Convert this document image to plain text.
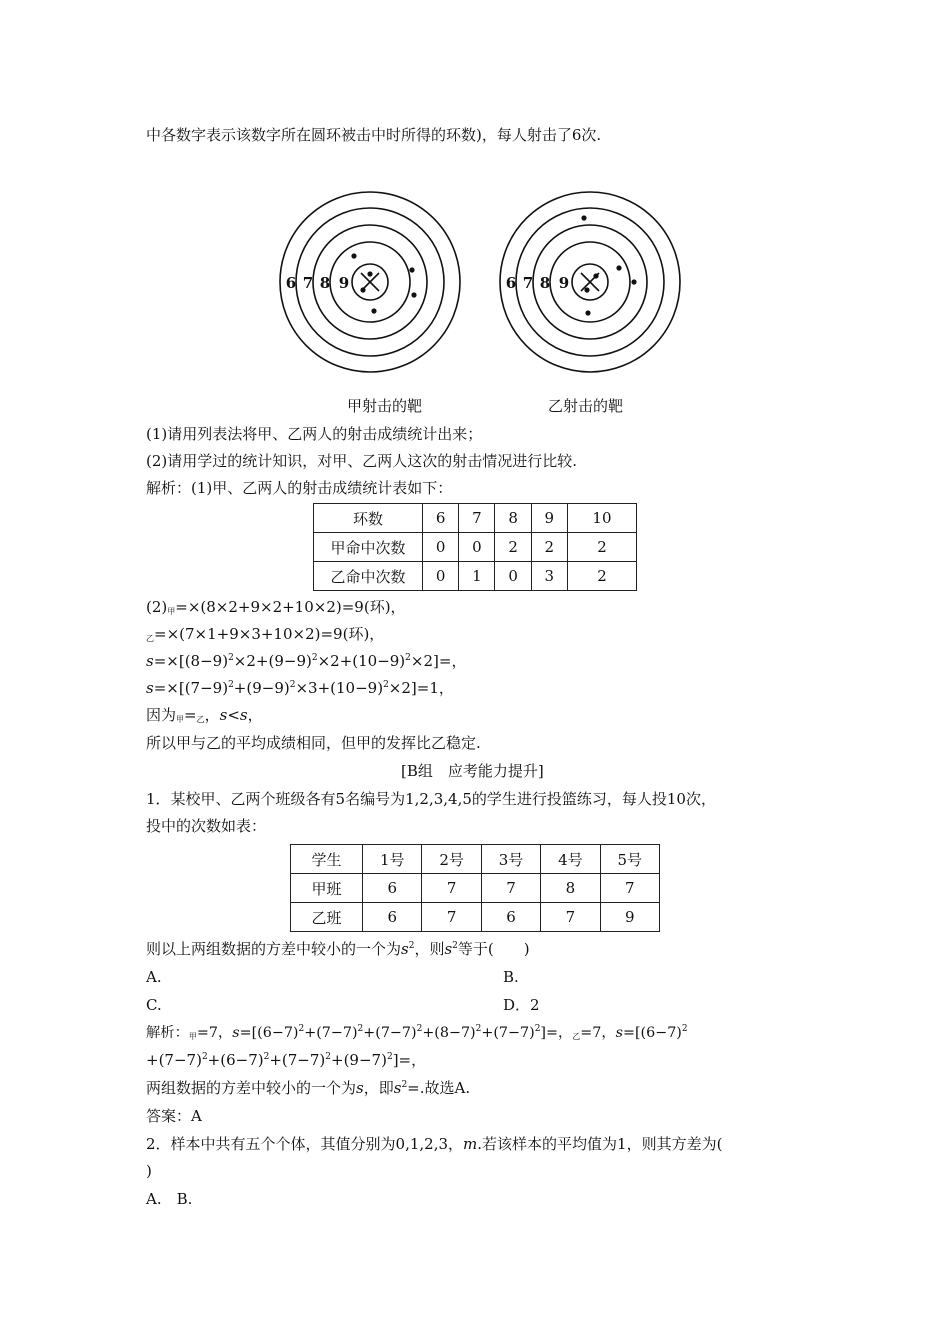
中各数字表示该数字所在圆环被击中时所得的环数)，每人射击了6次.
6 7 8 9	6 7 8 9
甲射击的靶	乙射击的靶
(1)请用列表法将甲、乙两人的射击成绩统计出来；
(2)请用学过的统计知识，对甲、乙两人这次的射击情况进行比较.
解析：(1)甲、乙两人的射击成绩统计表如下：
环数	6	7	8	9	10
甲命中次数	0	0	2	2	2
乙命中次数	0	1	0	3	2
$(2)_甲=\times(8\times 2+9\times 2+10\times 2)=9$(环)，
$_乙$=×(7×1+9×3+10×2)=9(环)，
$s=\times[(8-9)^2\times 2+(9-9)^2\times 2+(10-9)^2\times 2]=$，
$s=\times[(7-9)^2+(9-9)^2\times 3+(10-9)^2\times 2]=1$，
因为$_甲=_乙$，s<s，
所以甲与乙的平均成绩相同，但甲的发挥比乙稳定.
[B组　应考能力提升]
1．某校甲、乙两个班级各有5名编号为1,2,3,4,5的学生进行投篮练习，每人投10次，
投中的次数如表：
学生	1号	2号	3号	4号	5号
甲班	6	7	7	8	7
乙班	6	7	6	7	9
则以上两组数据的方差中较小的一个为$s^2$，则$s^2$等于(　　)
A.	B.
C.	D．2
解析：$_甲$=7，$s=[(6-7)^2+(7-7)^2+(7-7)^2+(8-7)^2+(7-7)^2]=$，$_乙$=7，$s=[(6-7)^2$
$+(7-7)^2+(6-7)^2+(7-7)^2+(9-7)^2]=$，
两组数据的方差中较小的一个为s，即$s^2=$.故选A.
答案：A
2．样本中共有五个个体，其值分别为0,1,2,3，m.若该样本的平均值为1，则其方差为(
)
A.　B.
